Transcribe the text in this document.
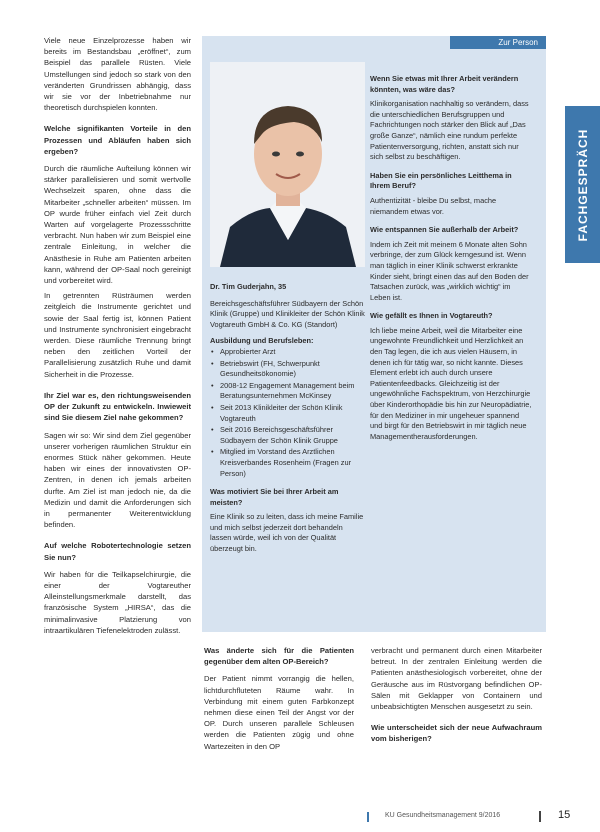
Viele neue Einzelprozesse haben wir bereits im Bestandsbau „eröffnet“, zum Beispiel das parallele Rüsten. Viele Umstellungen sind jedoch so stark von den veränderten Grundrissen abhängig, dass wir sie vor der Inbetriebnahme nur theoretisch durchspielen konnten.

Welche signifikanten Vorteile in den Prozessen und Abläufen haben sich ergeben?

Durch die räumliche Aufteilung können wir stärker parallelisieren und somit wertvolle Wechselzeit sparen, ohne dass die Mitarbeiter „schneller arbeiten“ müssen. Im OP wurde früher einfach viel Zeit durch Warten auf vorgelagerte Prozessschritte verbracht. Nun haben wir zum Beispiel eine zentrale Einleitung, in welcher die Anästhesie in Ruhe am Patienten arbeiten kann, während der OP-Saal noch gereinigt und vorbereitet wird.

In getrennten Rüsträumen werden zeitgleich die Instrumente gerichtet und sowie der Saal fertig ist, können Patient und Instrumente synchronisiert eingebracht werden. Diese räumliche Trennung bringt neben den zeitlichen Vorteil der Parallelisierung zusätzlich Ruhe und damit Sicherheit in die Prozesse.

Ihr Ziel war es, den richtungsweisenden OP der Zukunft zu entwickeln. Inwieweit sind Sie diesem Ziel nahe gekommen?

Sagen wir so: Wir sind dem Ziel gegenüber unserer vorherigen räumlichen Struktur ein enormes Stück näher gekommen. Heute haben wir eines der innovativsten OP-Zentren, in denen ich jemals arbeiten durfte. Am Ziel ist man jedoch nie, da die Medizin und damit die Anforderungen sich in permanenter Weiterentwicklung befinden.

Auf welche Robotertechnologie setzen Sie nun?

Wir haben für die Teilkapselchirurgie, die einer der Vogtareuther Alleinstellungsmerkmale darstellt, das französische System „HIRSA“, das die minimalinvasive Platzierung von intraartikulären Tiefenelektroden zulässt.

Zur Person
Dr. Tim Guderjahn, 35
Bereichsgeschäftsführer Südbayern der Schön Klinik (Gruppe) und Klinikleiter der Schön Klinik Vogtareuth GmbH & Co. KG (Standort)
Ausbildung und Berufsleben:
• Approbierter Arzt
• Betriebswirt (FH, Schwerpunkt Gesundheitsökonomie)
• 2008-12 Engagement Management beim Beratungsunternehmen McKinsey
• Seit 2013 Klinikleiter der Schön Klinik Vogtareuth
• Seit 2016 Bereichsgeschäftsführer Südbayern der Schön Klinik Gruppe
• Mitglied im Vorstand des Arztlichen Kreisverbandes Rosenheim (Fragen zur Person)

Was motiviert Sie bei Ihrer Arbeit am meisten?

Eine Klinik so zu leiten, dass ich meine Familie und mich selbst jederzeit dort behandeln lassen würde, weil ich von der Qualität überzeugt bin.

Wenn Sie etwas mit Ihrer Arbeit verändern könnten, was wäre das?

Klinikorganisation nachhaltig so verändern, dass die unterschiedlichen Berufsgruppen und Fachrichtungen noch stärker den Blick auf „Das große Ganze“, nämlich eine rundum perfekte Patientenversorgung, richten, anstatt sich nur sich selbst zu beschäftigen.

Haben Sie ein persönliches Leitthema in Ihrem Beruf?

Authentizität - bleibe Du selbst, mache niemandem etwas vor.

Wie entspannen Sie außerhalb der Arbeit?

Indem ich Zeit mit meinem 6 Monate alten Sohn verbringe, der zum Glück kerngesund ist. Wenn man täglich in einer Klinik schwerst erkrankte Kinder sieht, bringt einen das auf den Boden der Tatsachen zurück, was „wirklich wichtig“ im Leben ist.

Wie gefällt es Ihnen in Vogtareuth?

Ich liebe meine Arbeit, weil die Mitarbeiter eine ungewohnte Freundlichkeit und Herzlichkeit an den Tag legen, die ich aus vielen Häusern, in denen ich für tätig war, so nicht kannte. Dieses Element erlebt ich auch durch unsere Patientenfeedbacks. Gleichzeitig ist der ungewöhnliche Fachspektrum, von Herzchirurgie über Kinderorthopädie bis hin zur Neuropädiatrie, für den Mediziner in mir ungeheuer spannend und birgt für den Betriebswirt in mir täglich neue Managementherausforderungen.

Was änderte sich für die Patienten gegenüber dem alten OP-Bereich?

Der Patient nimmt vorrangig die hellen, lichtdurchfluteten Räume wahr. In Verbindung mit einem guten Farbkonzept nehmen diese einen Teil der Angst vor der OP. Durch unseren parallele Schleusen werden die Patienten zügig und ohne Wartezeiten in den OP

verbracht und permanent durch einen Mitarbeiter betreut. In der zentralen Einleitung werden die Patienten anästhesiologisch vorbereitet, ohne der Geräusche aus im Rüstvorgang befindlichen OP-Sälen mit Geklapper von Containern und unbeabsichtigten Menschen ausgesetzt zu sein.

Wie unterscheidet sich der neue Aufwachraum vom bisherigen?

FACHGESPRÄCH
KU Gesundheitsmanagement 9/2016	15
